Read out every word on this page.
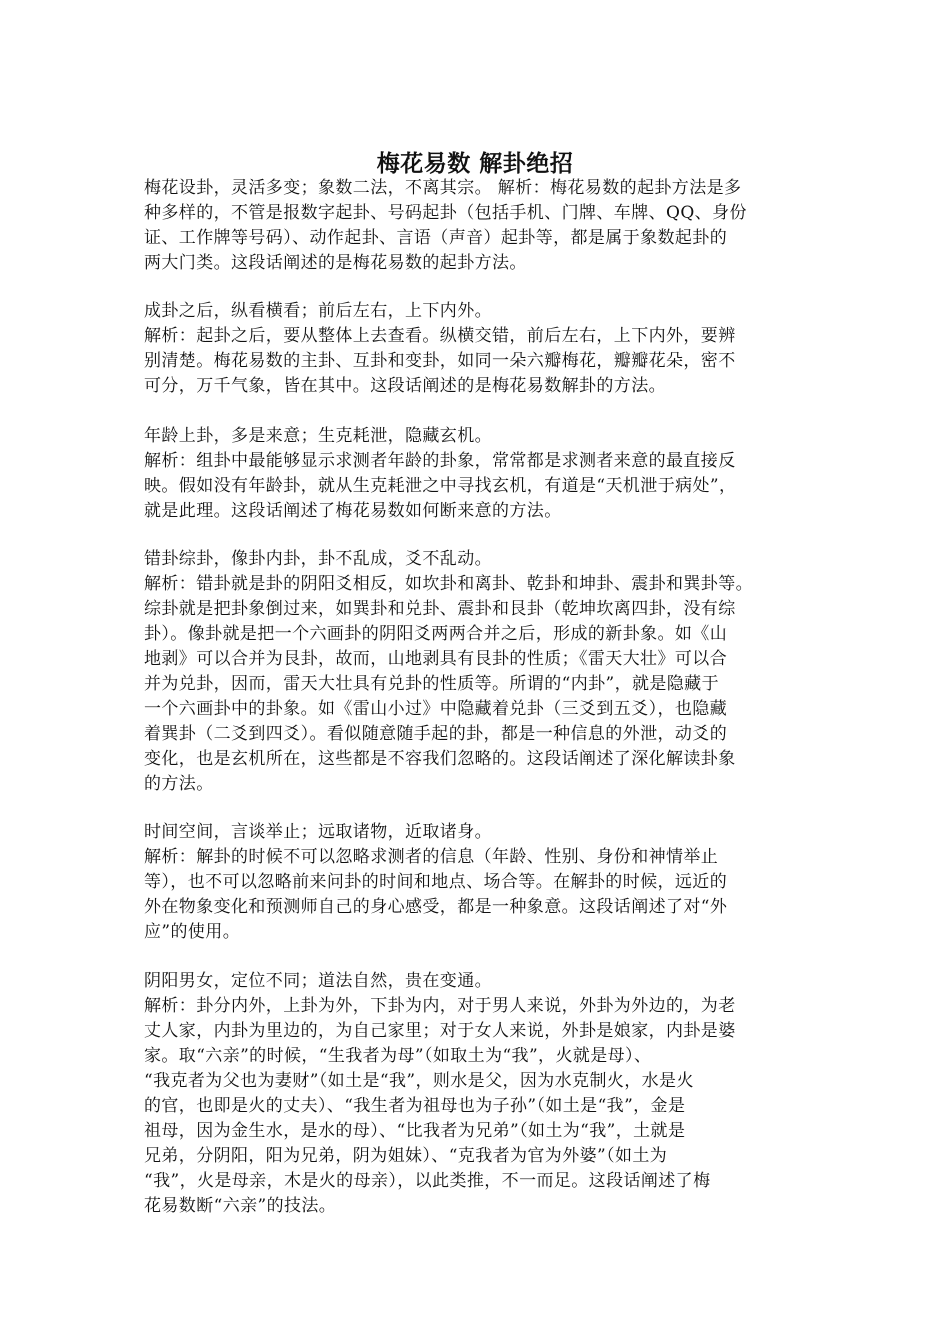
梅花易数 解卦绝招

梅花设卦，灵活多变；象数二法，不离其宗。 解析：梅花易数的起卦方法是多

种多样的，不管是报数字起卦、号码起卦（包括手机、门牌、车牌、QQ、身份

证、工作牌等号码）、动作起卦、言语（声音）起卦等，都是属于象数起卦的

两大门类。这段话阐述的是梅花易数的起卦方法。

成卦之后，纵看横看；前后左右，上下内外。

解析：起卦之后，要从整体上去查看。纵横交错，前后左右，上下内外，要辨

别清楚。梅花易数的主卦、互卦和变卦，如同一朵六瓣梅花，瓣瓣花朵，密不

可分，万千气象，皆在其中。这段话阐述的是梅花易数解卦的方法。

年龄上卦，多是来意；生克耗泄，隐藏玄机。

解析：组卦中最能够显示求测者年龄的卦象，常常都是求测者来意的最直接反

映。假如没有年龄卦，就从生克耗泄之中寻找玄机，有道是“天机泄于病处”，

就是此理。这段话阐述了梅花易数如何断来意的方法。

错卦综卦，像卦内卦，卦不乱成，爻不乱动。

解析：错卦就是卦的阴阳爻相反，如坎卦和离卦、乾卦和坤卦、震卦和巽卦等。

综卦就是把卦象倒过来，如巽卦和兑卦、震卦和艮卦（乾坤坎离四卦，没有综

卦）。像卦就是把一个六画卦的阴阳爻两两合并之后，形成的新卦象。如《山

地剥》可以合并为艮卦，故而，山地剥具有艮卦的性质；《雷天大壮》可以合

并为兑卦，因而，雷天大壮具有兑卦的性质等。所谓的“内卦”，就是隐藏于

一个六画卦中的卦象。如《雷山小过》中隐藏着兑卦（三爻到五爻），也隐藏

着巽卦（二爻到四爻）。看似随意随手起的卦，都是一种信息的外泄，动爻的

变化，也是玄机所在，这些都是不容我们忽略的。这段话阐述了深化解读卦象

的方法。

时间空间，言谈举止；远取诸物，近取诸身。

解析：解卦的时候不可以忽略求测者的信息（年龄、性别、身份和神情举止

等），也不可以忽略前来问卦的时间和地点、场合等。在解卦的时候，远近的

外在物象变化和预测师自己的身心感受，都是一种象意。这段话阐述了对“外

应”的使用。

阴阳男女，定位不同；道法自然，贵在变通。

解析：卦分内外，上卦为外，下卦为内，对于男人来说，外卦为外边的，为老

丈人家，内卦为里边的，为自己家里；对于女人来说，外卦是娘家，内卦是婆

家。取“六亲”的时候，“生我者为母”（如取土为“我”，火就是母）、

“我克者为父也为妻财”（如土是“我”，则水是父，因为水克制火，水是火

的官，也即是火的丈夫）、“我生者为祖母也为子孙”（如土是“我”，金是

祖母，因为金生水，是水的母）、“比我者为兄弟”（如土为“我”，土就是

兄弟，分阴阳，阳为兄弟，阴为姐妹）、“克我者为官为外婆”（如土为

“我”，火是母亲，木是火的母亲），以此类推，不一而足。这段话阐述了梅

花易数断“六亲”的技法。
